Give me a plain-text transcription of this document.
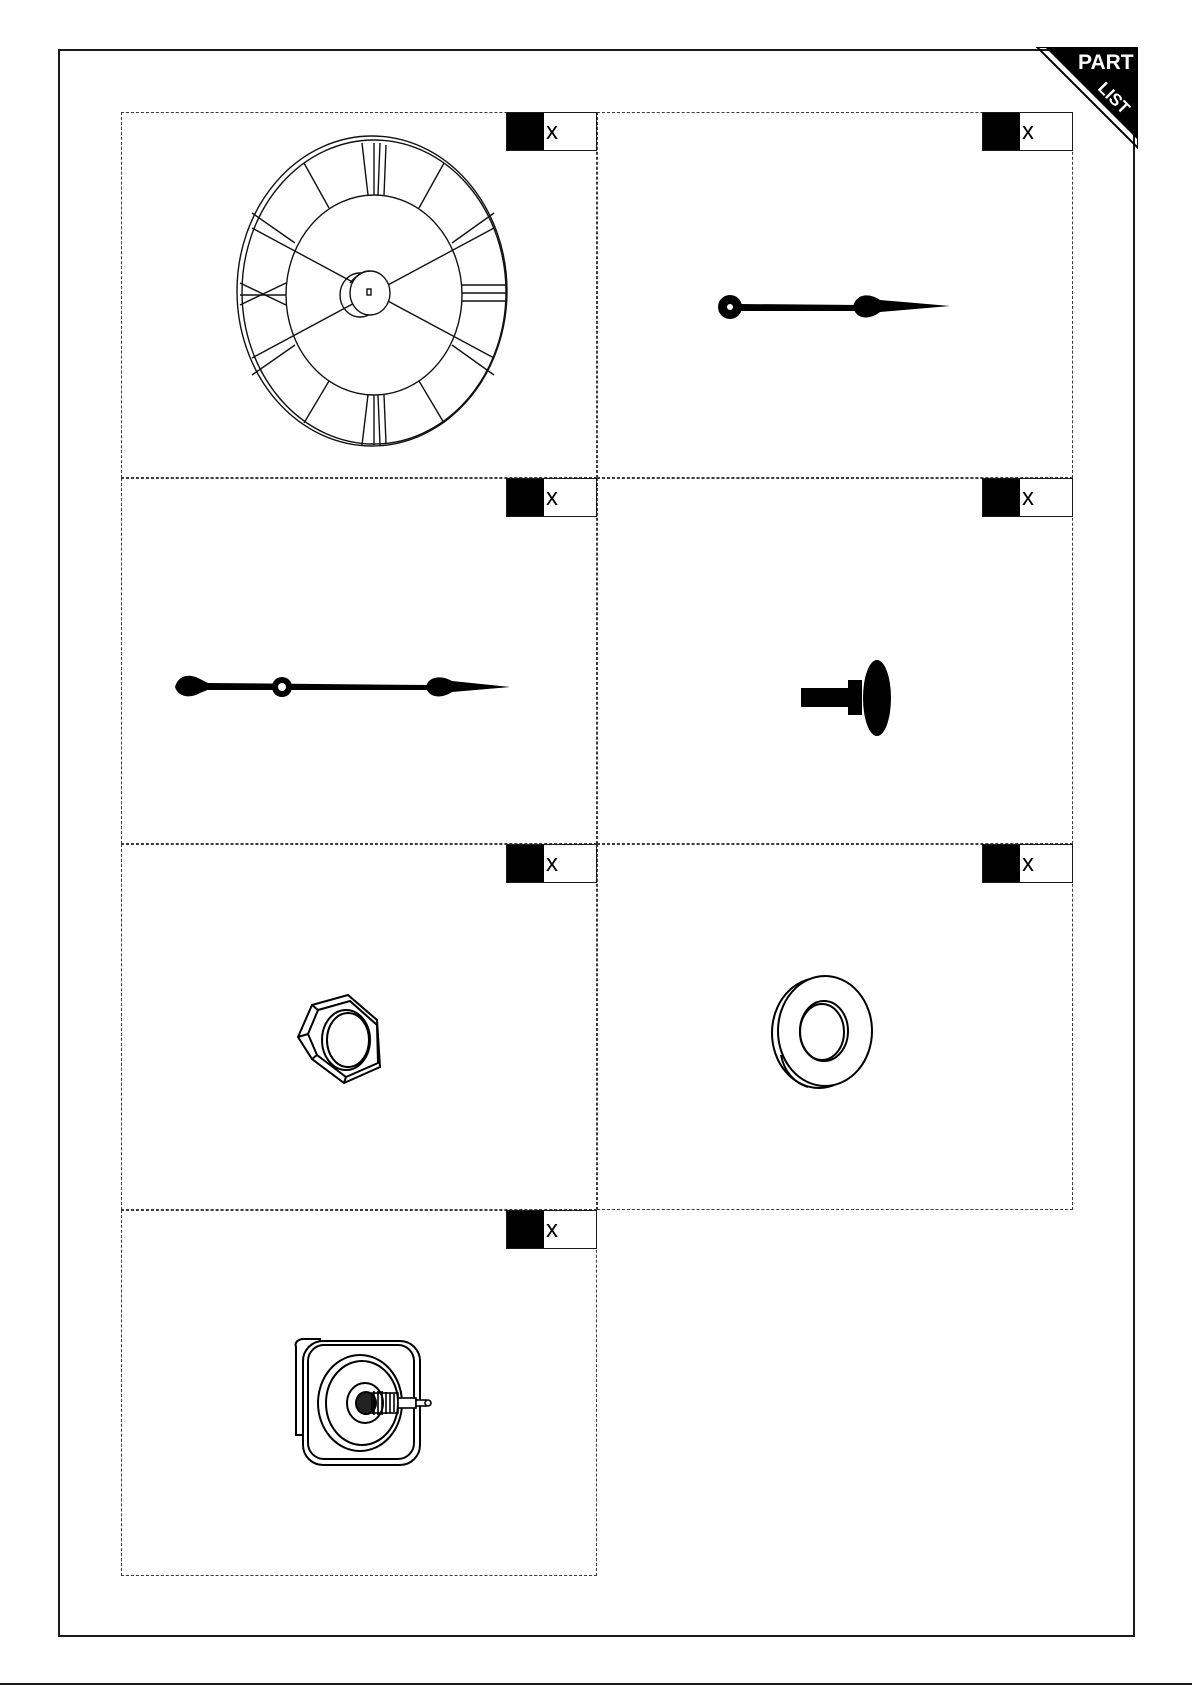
PART
LIST
x	x
x	x
x	x
x
